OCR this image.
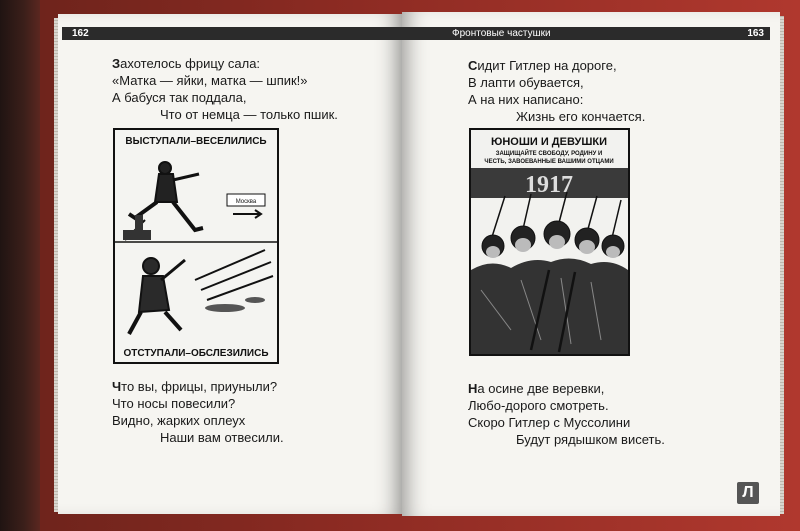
162	Фронтовые частушки	163
Захотелось фрицу сала:
«Матка — яйки, матка — шпик!»
А бабуся так поддала,
Что от немца — только пшик.
ВЫСТУПАЛИ–ВЕСЕЛИЛИСЬ
Mocква
ОТСТУПАЛИ–ОБСЛЕЗИЛИСЬ
Что вы, фрицы, приуныли?
Что носы повесили?
Видно, жарких оплеух
Наши вам отвесили.
Сидит Гитлер на дороге,
В лапти обувается,
А на них написано:
Жизнь его кончается.
ЮНОШИ И ДЕВУШКИ
ЗАЩИЩАЙТЕ СВОБОДУ, РОДИНУ И
ЧЕСТЬ, ЗАВОЕВАННЫЕ ВАШИМИ ОТЦАМИ
1917
На осине две веревки,
Любо-дорого смотреть.
Скоро Гитлер с Муссолини
Будут рядышком висеть.
Л
